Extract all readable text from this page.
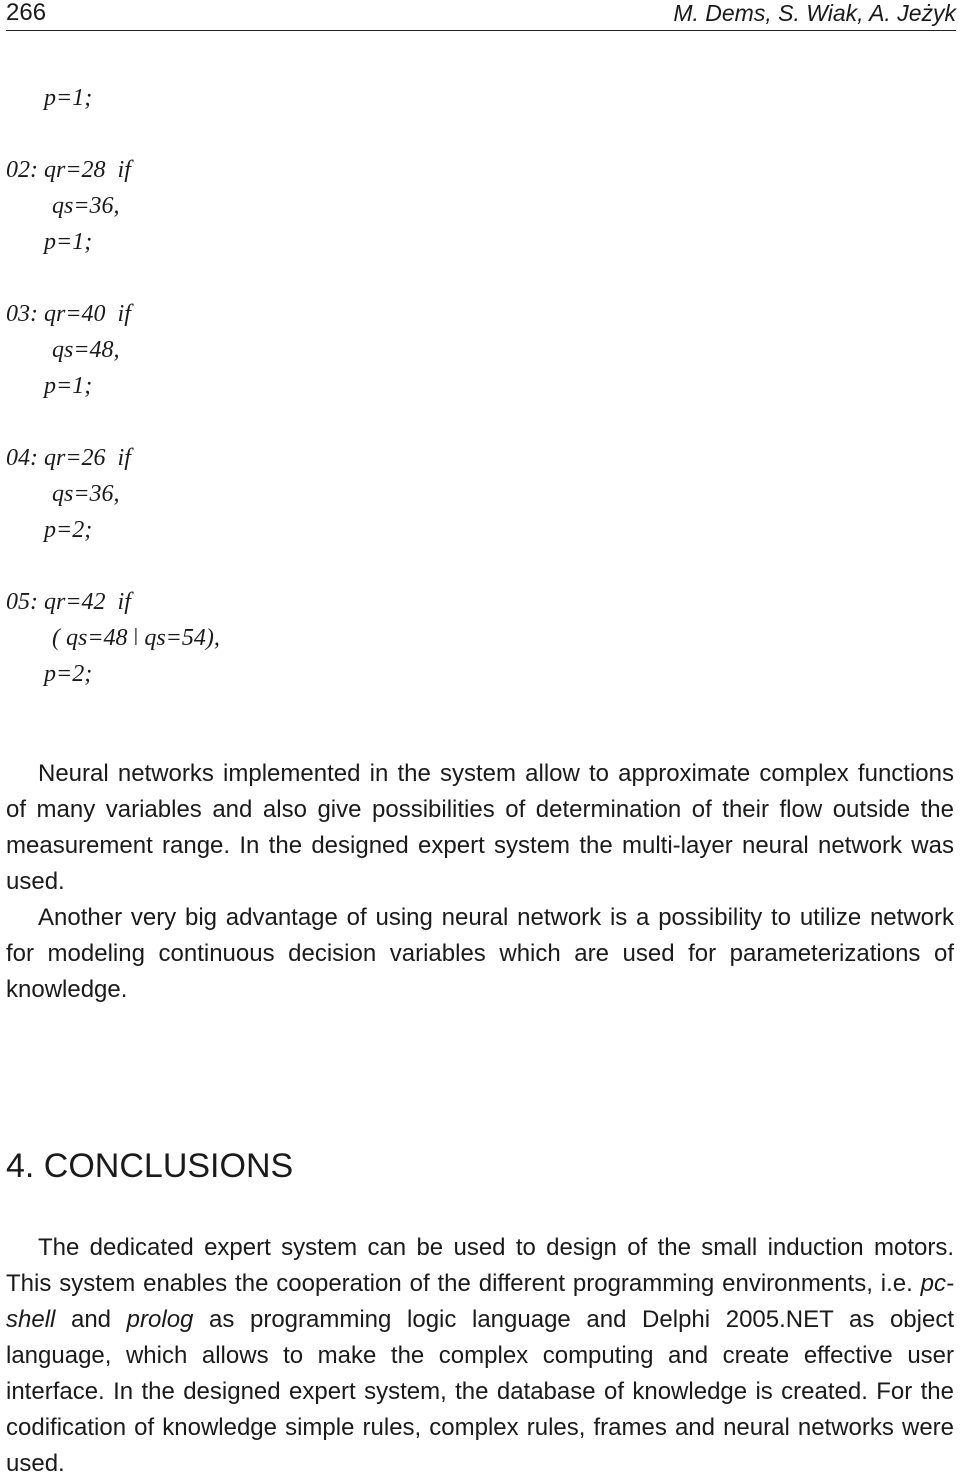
266	M. Dems, S. Wiak, A. Jeżyk
p=1;
02: qr=28  if
qs=36,
p=1;
03: qr=40  if
qs=48,
p=1;
04: qr=26  if
qs=36,
p=2;
05: qr=42  if
( qs=48 ǀ qs=54),
p=2;

Neural networks implemented in the system allow to approximate complex functions of many variables and also give possibilities of determination of their flow outside the measurement range. In the designed expert system the multi-layer neural network was used.

Another very big advantage of using neural network is a possibility to utilize network for modeling continuous decision variables which are used for parameterizations of knowledge.

4. CONCLUSIONS

The dedicated expert system can be used to design of the small induction motors. This system enables the cooperation of the different programming environments, i.e. pc-shell and prolog as programming logic language and Delphi 2005.NET as object language, which allows to make the complex computing and create effective user interface. In the designed expert system, the database of knowledge is created. For the codification of knowledge simple rules, complex rules, frames and neural networks were used.
